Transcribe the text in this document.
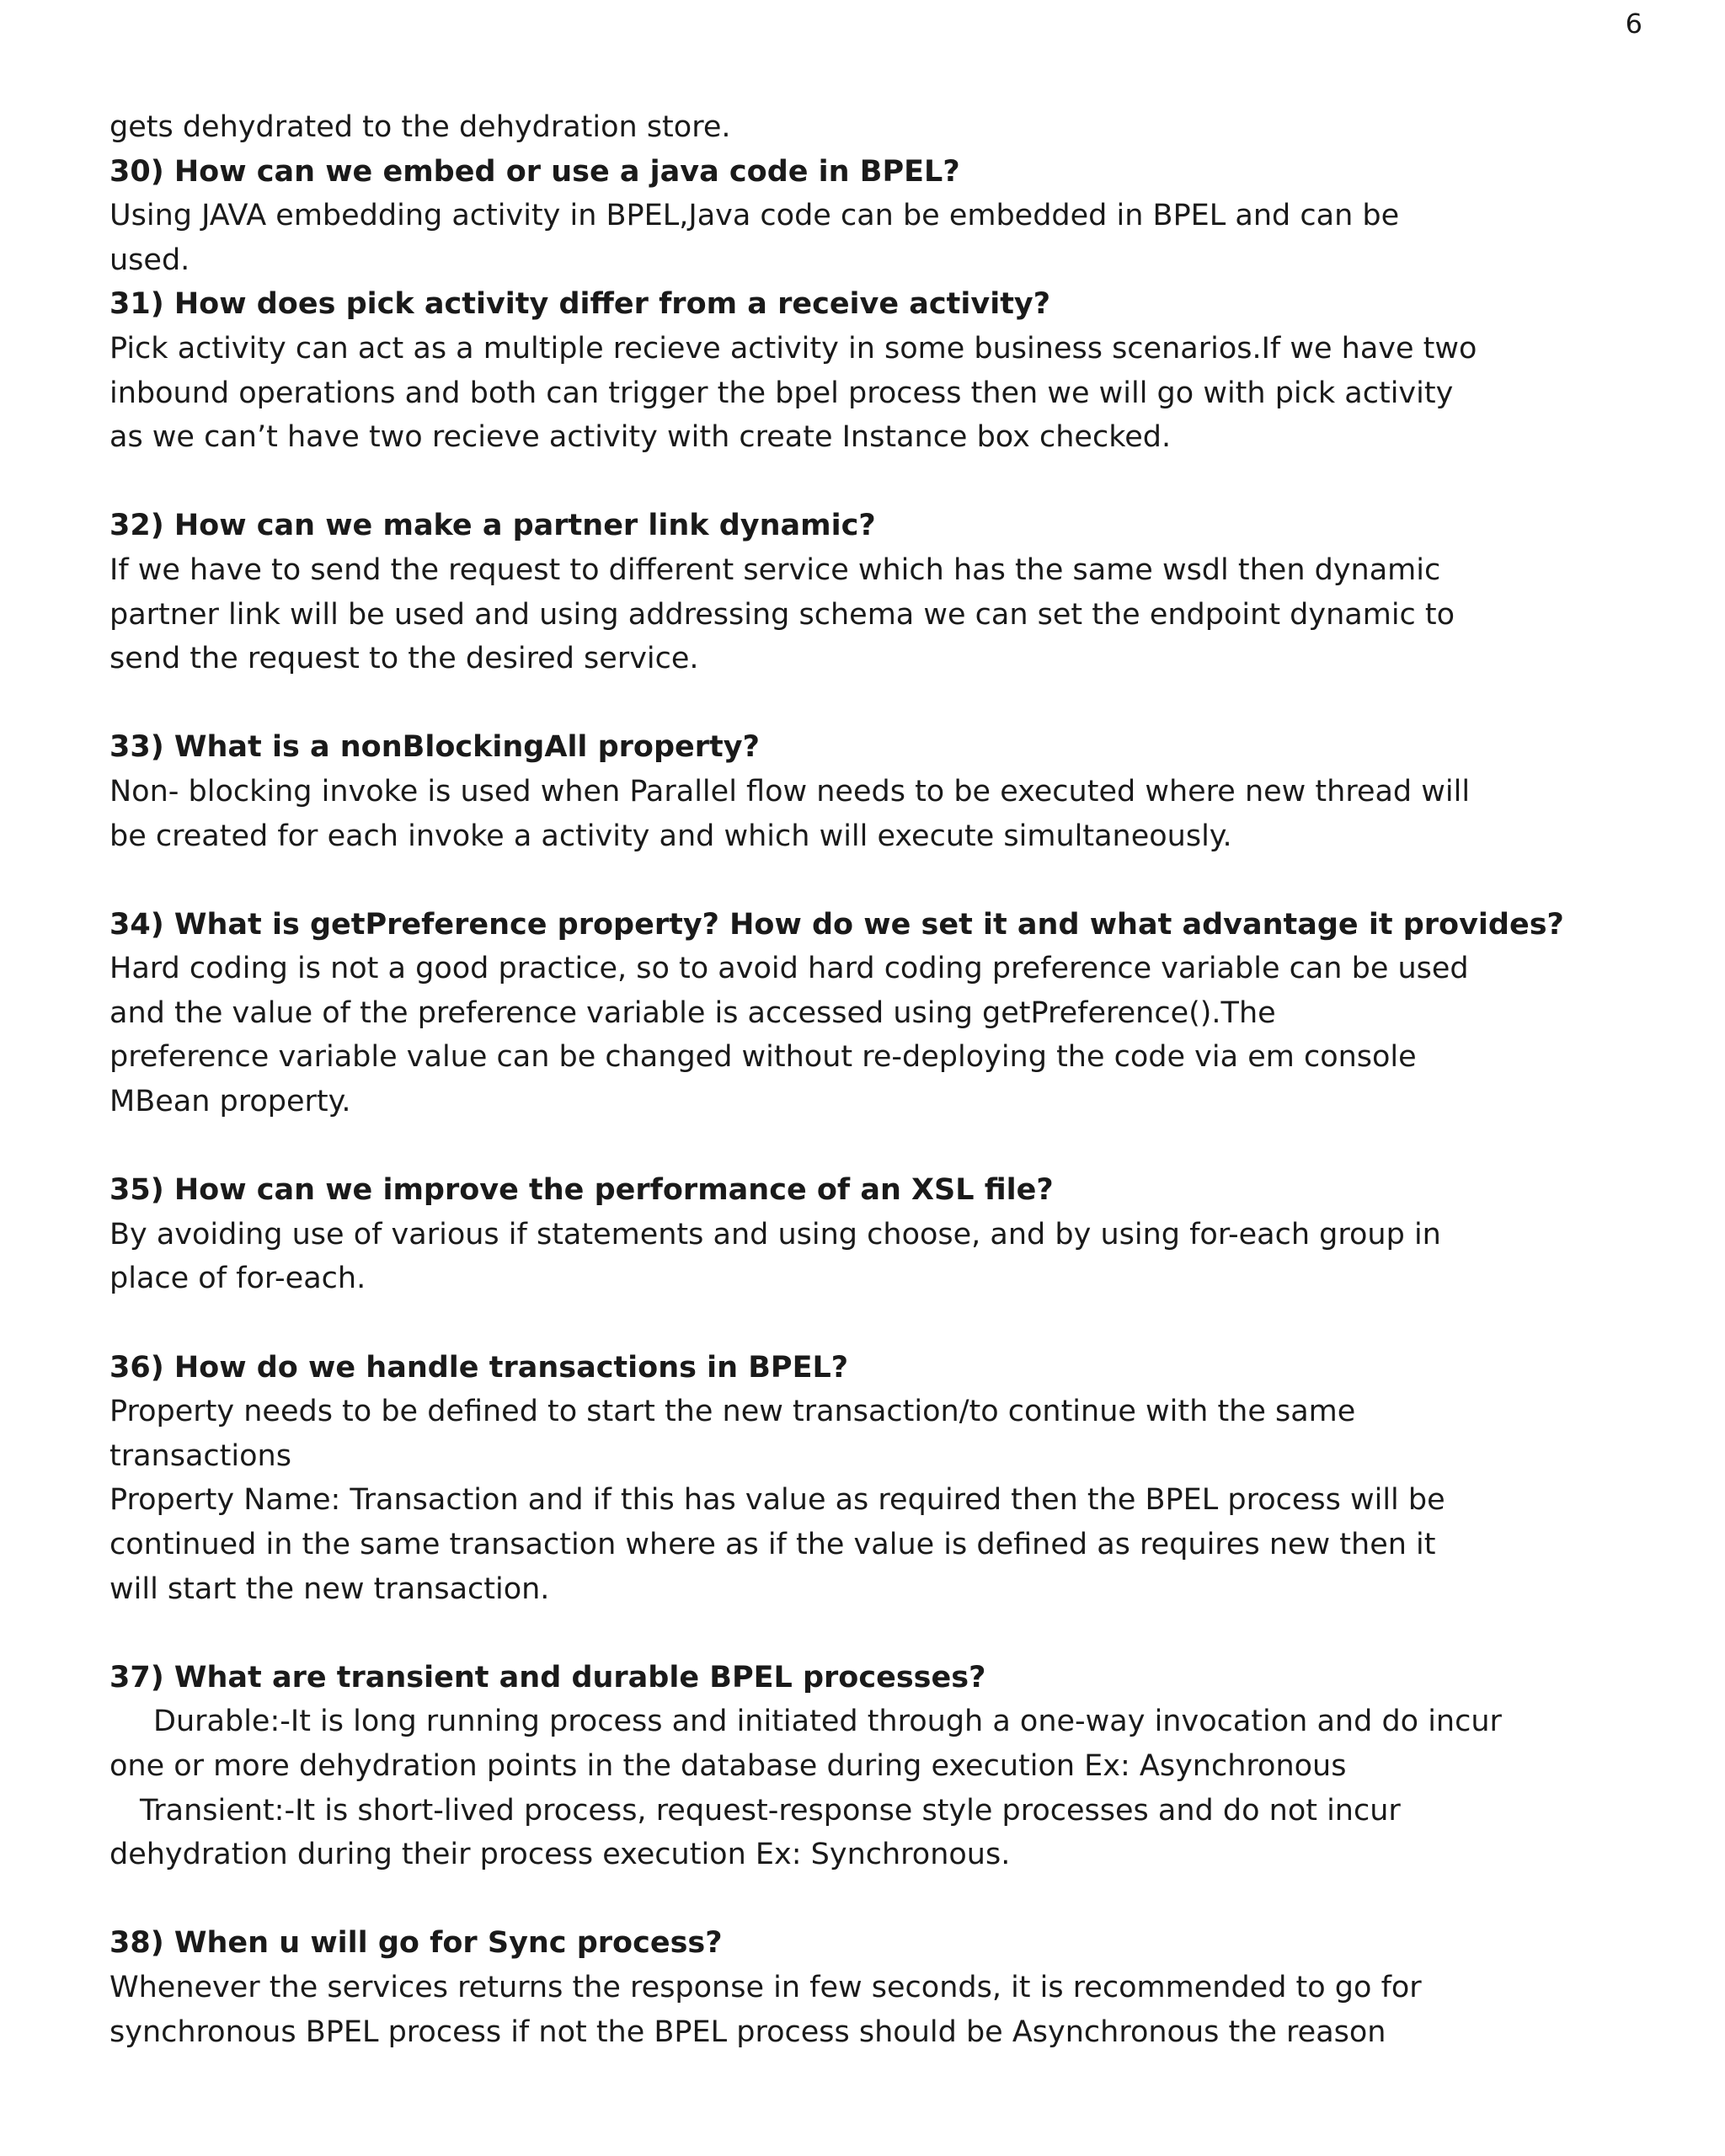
6
gets dehydrated to the dehydration store.
30) How can we embed or use a java code in BPEL?
Using JAVA embedding activity in BPEL,Java code can be embedded in BPEL and can be
used.
31) How does pick activity differ from a receive activity?
Pick activity can act as a multiple recieve activity in some business scenarios.If we have two
inbound operations and both can trigger the bpel process then we will go with pick activity
as we can’t have two recieve activity with create Instance box checked.
32) How can we make a partner link dynamic?
If we have to send the request to different service which has the same wsdl then dynamic
partner link will be used and using addressing schema we can set the endpoint dynamic to
send the request to the desired service.
33) What is a nonBlockingAll property?
Non- blocking invoke is used when Parallel flow needs to be executed where new thread will
be created for each invoke a activity and which will execute simultaneously.
34) What is getPreference property? How do we set it and what advantage it provides?
Hard coding is not a good practice, so to avoid hard coding preference variable can be used
and the value of the preference variable is accessed using getPreference().The
preference variable value can be changed without re-deploying the code via em console
MBean property.
35) How can we improve the performance of an XSL file?
By avoiding use of various if statements and using choose, and by using for-each group in
place of for-each.
36) How do we handle transactions in BPEL?
Property needs to be defined to start the new transaction/to continue with the same
transactions
Property Name: Transaction and if this has value as required then the BPEL process will be
continued in the same transaction where as if the value is defined as requires new then it
will start the new transaction.
37) What are transient and durable BPEL processes?
Durable:-It is long running process and initiated through a one-way invocation and do incur
one or more dehydration points in the database during execution Ex: Asynchronous
Transient:-It is short-lived process, request-response style processes and do not incur
dehydration during their process execution Ex: Synchronous.
38) When u will go for Sync process?
Whenever the services returns the response in few seconds, it is recommended to go for
synchronous BPEL process if not the BPEL process should be Asynchronous the reason
